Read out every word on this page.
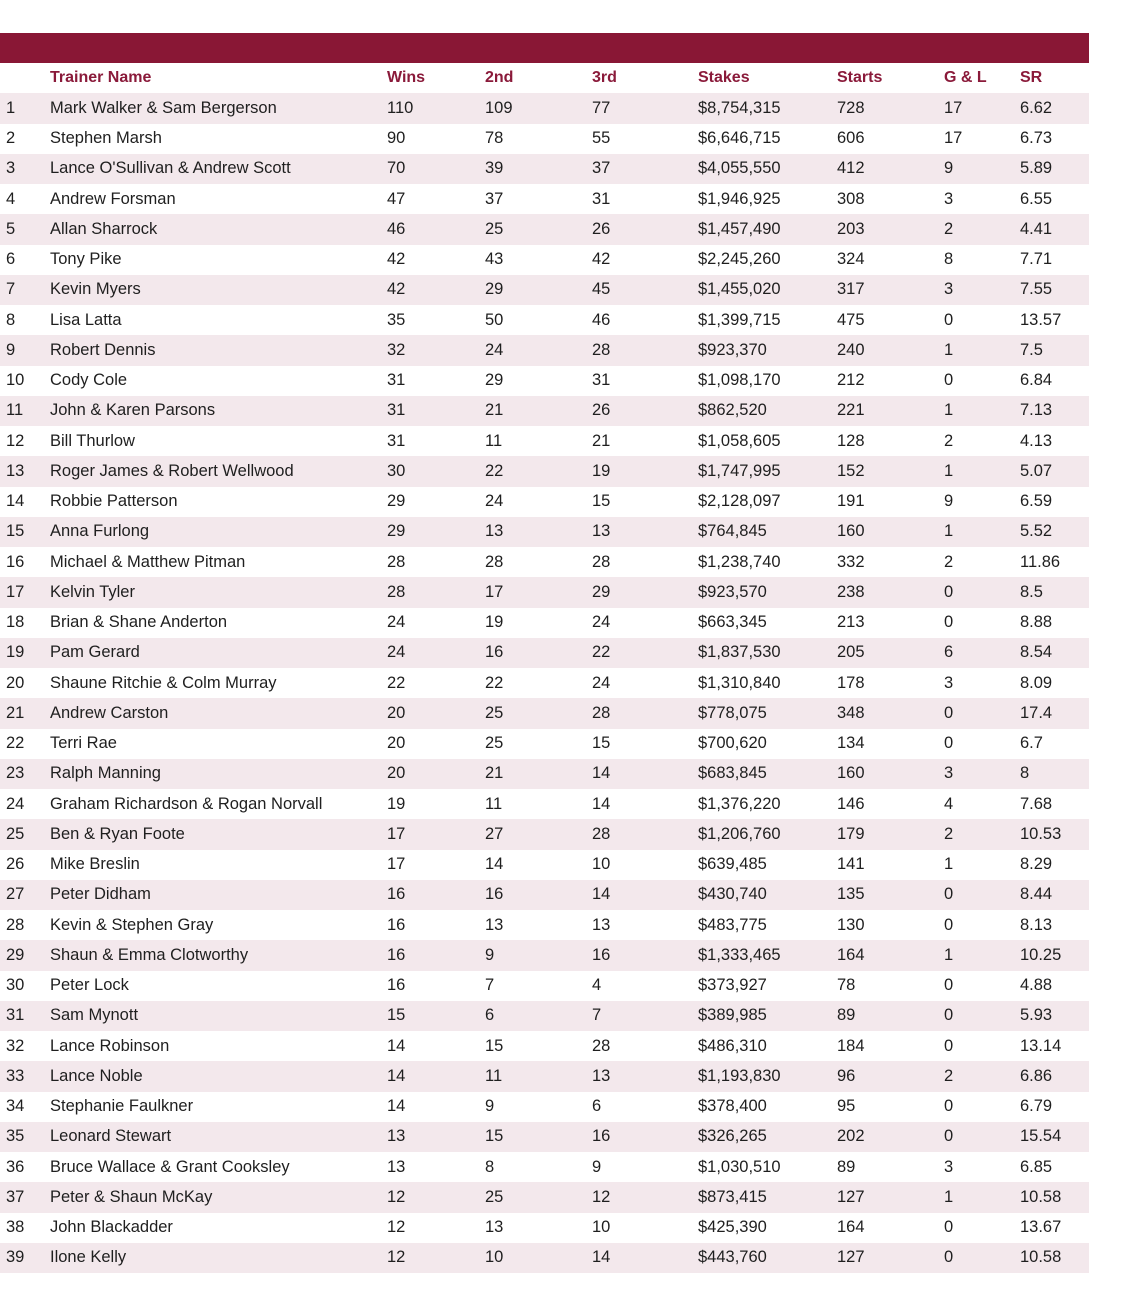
	Trainer Name	Wins	2nd	3rd	Stakes	Starts	G & L	SR
1	Mark Walker & Sam Bergerson	110	109	77	$8,754,315	728	17	6.62
2	Stephen Marsh	90	78	55	$6,646,715	606	17	6.73
3	Lance O'Sullivan & Andrew Scott	70	39	37	$4,055,550	412	9	5.89
4	Andrew Forsman	47	37	31	$1,946,925	308	3	6.55
5	Allan Sharrock	46	25	26	$1,457,490	203	2	4.41
6	Tony Pike	42	43	42	$2,245,260	324	8	7.71
7	Kevin Myers	42	29	45	$1,455,020	317	3	7.55
8	Lisa Latta	35	50	46	$1,399,715	475	0	13.57
9	Robert Dennis	32	24	28	$923,370	240	1	7.5
10	Cody Cole	31	29	31	$1,098,170	212	0	6.84
11	John & Karen Parsons	31	21	26	$862,520	221	1	7.13
12	Bill Thurlow	31	11	21	$1,058,605	128	2	4.13
13	Roger James & Robert Wellwood	30	22	19	$1,747,995	152	1	5.07
14	Robbie Patterson	29	24	15	$2,128,097	191	9	6.59
15	Anna Furlong	29	13	13	$764,845	160	1	5.52
16	Michael & Matthew Pitman	28	28	28	$1,238,740	332	2	11.86
17	Kelvin Tyler	28	17	29	$923,570	238	0	8.5
18	Brian & Shane Anderton	24	19	24	$663,345	213	0	8.88
19	Pam Gerard	24	16	22	$1,837,530	205	6	8.54
20	Shaune Ritchie & Colm Murray	22	22	24	$1,310,840	178	3	8.09
21	Andrew Carston	20	25	28	$778,075	348	0	17.4
22	Terri Rae	20	25	15	$700,620	134	0	6.7
23	Ralph Manning	20	21	14	$683,845	160	3	8
24	Graham Richardson & Rogan Norvall	19	11	14	$1,376,220	146	4	7.68
25	Ben & Ryan Foote	17	27	28	$1,206,760	179	2	10.53
26	Mike Breslin	17	14	10	$639,485	141	1	8.29
27	Peter Didham	16	16	14	$430,740	135	0	8.44
28	Kevin & Stephen Gray	16	13	13	$483,775	130	0	8.13
29	Shaun & Emma Clotworthy	16	9	16	$1,333,465	164	1	10.25
30	Peter Lock	16	7	4	$373,927	78	0	4.88
31	Sam Mynott	15	6	7	$389,985	89	0	5.93
32	Lance Robinson	14	15	28	$486,310	184	0	13.14
33	Lance Noble	14	11	13	$1,193,830	96	2	6.86
34	Stephanie Faulkner	14	9	6	$378,400	95	0	6.79
35	Leonard Stewart	13	15	16	$326,265	202	0	15.54
36	Bruce Wallace & Grant Cooksley	13	8	9	$1,030,510	89	3	6.85
37	Peter & Shaun McKay	12	25	12	$873,415	127	1	10.58
38	John Blackadder	12	13	10	$425,390	164	0	13.67
39	Ilone Kelly	12	10	14	$443,760	127	0	10.58
